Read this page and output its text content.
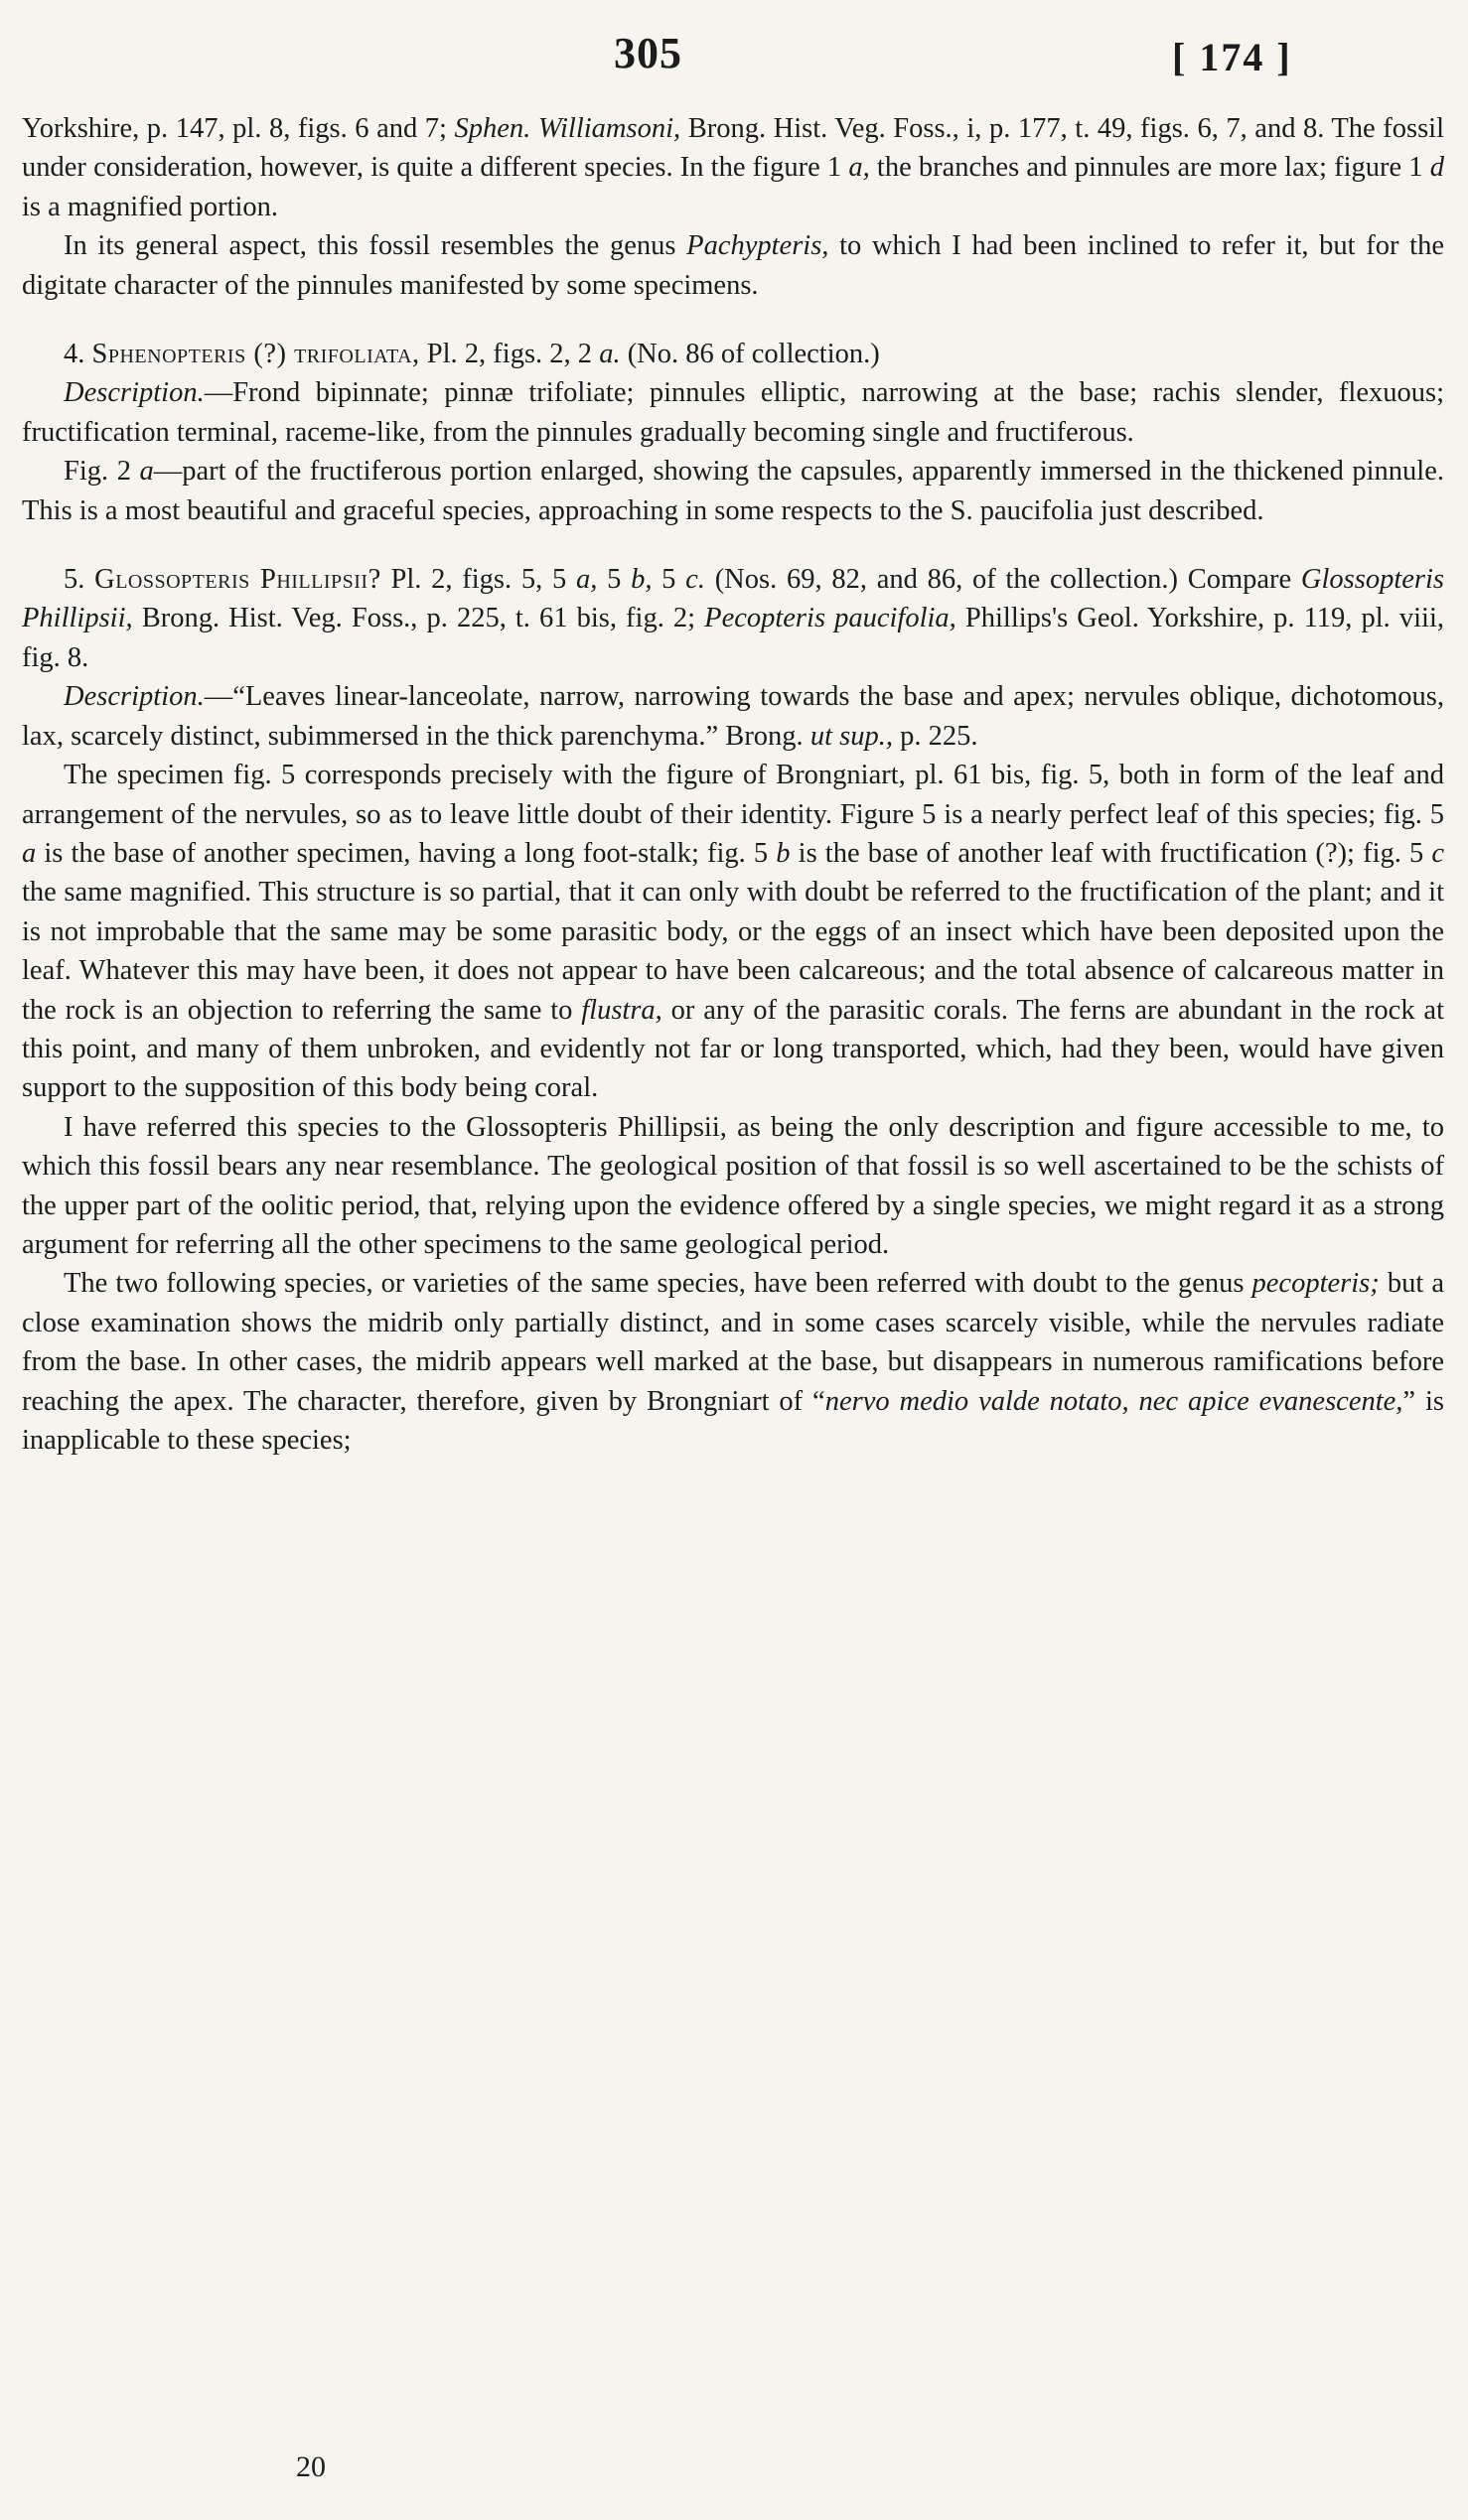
305	[ 174 ]

Yorkshire, p. 147, pl. 8, figs. 6 and 7; Sphen. Williamsoni, Brong. Hist. Veg. Foss., i, p. 177, t. 49, figs. 6, 7, and 8. The fossil under consideration, however, is quite a different species. In the figure 1 a, the branches and pinnules are more lax; figure 1 d is a magnified portion.

In its general aspect, this fossil resembles the genus Pachypteris, to which I had been inclined to refer it, but for the digitate character of the pinnules manifested by some specimens.

4. Sphenopteris (?) trifoliata, Pl. 2, figs. 2, 2 a. (No. 86 of collection.)

Description.—Frond bipinnate; pinnæ trifoliate; pinnules elliptic, narrowing at the base; rachis slender, flexuous; fructification terminal, raceme-like, from the pinnules gradually becoming single and fructiferous.

Fig. 2 a—part of the fructiferous portion enlarged, showing the capsules, apparently immersed in the thickened pinnule. This is a most beautiful and graceful species, approaching in some respects to the S. paucifolia just described.

5. Glossopteris Phillipsii? Pl. 2, figs. 5, 5 a, 5 b, 5 c. (Nos. 69, 82, and 86, of the collection.) Compare Glossopteris Phillipsii, Brong. Hist. Veg. Foss., p. 225, t. 61 bis, fig. 2; Pecopteris paucifolia, Phillips's Geol. Yorkshire, p. 119, pl. viii, fig. 8.

Description.—“Leaves linear-lanceolate, narrow, narrowing towards the base and apex; nervules oblique, dichotomous, lax, scarcely distinct, subimmersed in the thick parenchyma.” Brong. ut sup., p. 225.

The specimen fig. 5 corresponds precisely with the figure of Brongniart, pl. 61 bis, fig. 5, both in form of the leaf and arrangement of the nervules, so as to leave little doubt of their identity. Figure 5 is a nearly perfect leaf of this species; fig. 5 a is the base of another specimen, having a long foot-stalk; fig. 5 b is the base of another leaf with fructification (?); fig. 5 c the same magnified. This structure is so partial, that it can only with doubt be referred to the fructification of the plant; and it is not improbable that the same may be some parasitic body, or the eggs of an insect which have been deposited upon the leaf. Whatever this may have been, it does not appear to have been calcareous; and the total absence of calcareous matter in the rock is an objection to referring the same to flustra, or any of the parasitic corals. The ferns are abundant in the rock at this point, and many of them unbroken, and evidently not far or long transported, which, had they been, would have given support to the supposition of this body being coral.

I have referred this species to the Glossopteris Phillipsii, as being the only description and figure accessible to me, to which this fossil bears any near resemblance. The geological position of that fossil is so well ascertained to be the schists of the upper part of the oolitic period, that, relying upon the evidence offered by a single species, we might regard it as a strong argument for referring all the other specimens to the same geological period.

The two following species, or varieties of the same species, have been referred with doubt to the genus pecopteris; but a close examination shows the midrib only partially distinct, and in some cases scarcely visible, while the nervules radiate from the base. In other cases, the midrib appears well marked at the base, but disappears in numerous ramifications before reaching the apex. The character, therefore, given by Brongniart of “nervo medio valde notato, nec apice evanescente,” is inapplicable to these species;

20
